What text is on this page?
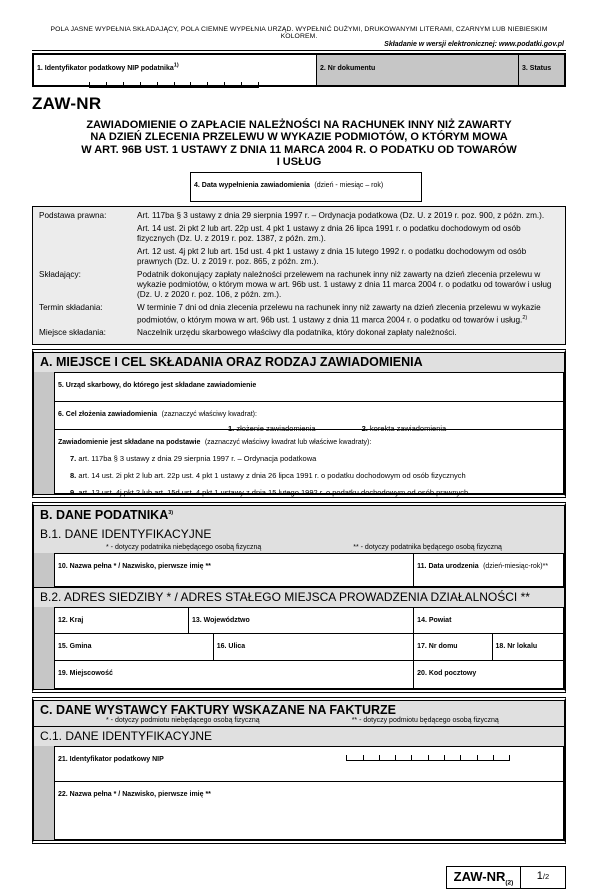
POLA JASNE WYPEŁNIA SKŁADAJĄCY, POLA CIEMNE WYPEŁNIA URZĄD. WYPEŁNIĆ DUŻYMI, DRUKOWANYMI LITERAMI, CZARNYM LUB NIEBIESKIM KOLOREM.
Składanie w wersji elektronicznej: www.podatki.gov.pl
1. Identyfikator podatkowy NIP podatnika$^{1)}$	2. Nr dokumentu	3. Status
ZAW-NR
ZAWIADOMIENIE O ZAPŁACIE NALEŻNOŚCI NA RACHUNEK INNY NIŻ ZAWARTY
NA DZIEŃ ZLECENIA PRZELEWU W WYKAZIE PODMIOTÓW, O KTÓRYM MOWA
W ART. 96B UST. 1 USTAWY Z DNIA 11 MARCA 2004 R. O PODATKU OD TOWARÓW
I USŁUG
4. Data wypełnienia zawiadomienia (dzień - miesiąc – rok)
Podstawa prawna:	Art. 117ba § 3 ustawy z dnia 29 sierpnia 1997 r. – Ordynacja podatkowa (Dz. U. z 2019 r. poz. 900, z późn. zm.).

Art. 14 ust. 2i pkt 2 lub art. 22p ust. 4 pkt 1 ustawy z dnia 26 lipca 1991 r. o podatku dochodowym od osób fizycznych (Dz. U. z 2019 r. poz. 1387, z późn. zm.).

Art. 12 ust. 4j pkt 2 lub art. 15d ust. 4 pkt 1 ustawy z dnia 15 lutego 1992 r. o podatku dochodowym od osób prawnych (Dz. U. z 2019 r. poz. 865, z późn. zm.).

Składający:	Podatnik dokonujący zapłaty należności przelewem na rachunek inny niż zawarty na dzień zlecenia przelewu w wykazie podmiotów, o którym mowa w art. 96b ust. 1 ustawy z dnia 11 marca 2004 r. o podatku od towarów i usług (Dz. U. z 2020 r. poz. 106, z późn. zm.).

Termin składania:	W terminie 7 dni od dnia zlecenia przelewu na rachunek inny niż zawarty na dzień zlecenia przelewu w wykazie podmiotów, o którym mowa w art. 96b ust. 1 ustawy z dnia 11 marca 2004 r. o podatku od towarów i usług.$^{2)}$

Miejsce składania:	Naczelnik urzędu skarbowego właściwy dla podatnika, który dokonał zapłaty należności.

A. MIEJSCE I CEL SKŁADANIA ORAZ RODZAJ ZAWIADOMIENIA
5. Urząd skarbowy, do którego jest składane zawiadomienie
6. Cel złożenia zawiadomienia (zaznaczyć właściwy kwadrat):
1. złożenie zawiadomienia	2. korekta zawiadomienia
Zawiadomienie jest składane na podstawie (zaznaczyć właściwy kwadrat lub właściwe kwadraty):
7. art. 117ba § 3 ustawy z dnia 29 sierpnia 1997 r. – Ordynacja podatkowa
8. art. 14 ust. 2i pkt 2 lub art. 22p ust. 4 pkt 1 ustawy z dnia 26 lipca 1991 r. o podatku dochodowym od osób fizycznych
9. art. 12 ust. 4j pkt 2 lub art. 15d ust. 4 pkt 1 ustawy z dnia 15 lutego 1992 r. o podatku dochodowym od osób prawnych
B. DANE PODATNIKA$^{3)}$
B.1. DANE IDENTYFIKACYJNE
* - dotyczy podatnika niebędącego osobą fizyczną	** - dotyczy podatnika będącego osobą fizyczną
10. Nazwa pełna * / Nazwisko, pierwsze imię **	11. Data urodzenia (dzień-miesiąc-rok)**
B.2. ADRES SIEDZIBY * / ADRES STAŁEGO MIEJSCA PROWADZENIA DZIAŁALNOŚCI **
12. Kraj	13. Województwo	14. Powiat
15. Gmina	16. Ulica	17. Nr domu	18. Nr lokalu
19. Miejscowość	20. Kod pocztowy
C. DANE WYSTAWCY FAKTURY WSKAZANE NA FAKTURZE
* - dotyczy podmiotu niebędącego osobą fizyczną	** - dotyczy podmiotu będącego osobą fizyczną
C.1. DANE IDENTYFIKACYJNE
21. Identyfikator podatkowy NIP
22. Nazwa pełna * / Nazwisko, pierwsze imię **
ZAW-$NR_{(2)}$
1/2
